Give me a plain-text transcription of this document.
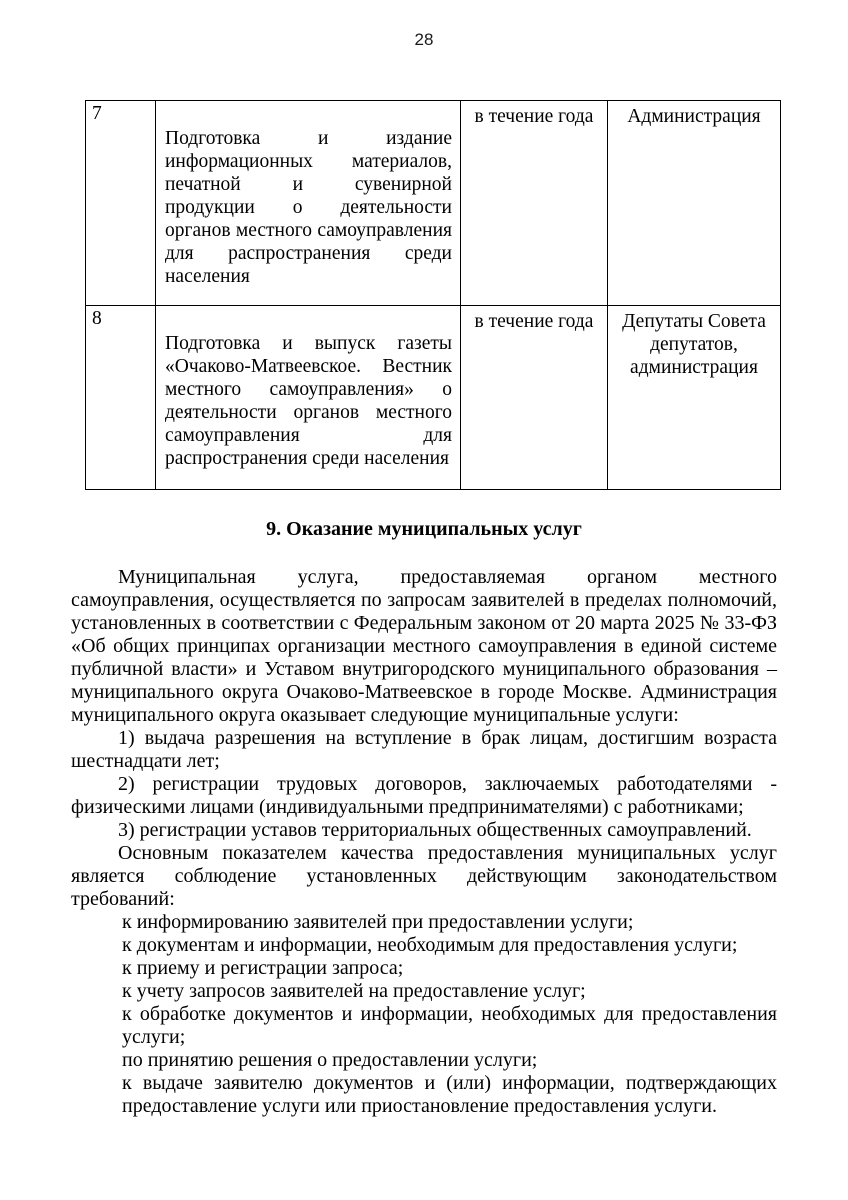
28
7	Подготовка и издание информационных материалов, печатной и сувенирной продукции о деятельности органов местного самоуправления для распространения среди населения	в течение года	Администрация
8	Подготовка и выпуск газеты «Очаково-Матвеевское. Вестник местного самоуправления» о деятельности органов местного самоуправления для распространения среди населения	в течение года	Депутаты Совета депутатов, администрация
9. Оказание муниципальных услуг

Муниципальная услуга, предоставляемая органом местного самоуправления, осуществляется по запросам заявителей в пределах полномочий, установленных в соответствии с Федеральным законом от 20 марта 2025 № 33-ФЗ «Об общих принципах организации местного самоуправления в единой системе публичной власти» и Уставом внутригородского муниципального образования – муниципального округа Очаково-Матвеевское в городе Москве. Администрация муниципального округа оказывает следующие муниципальные услуги:

1) выдача разрешения на вступление в брак лицам, достигшим возраста шестнадцати лет;

2) регистрации трудовых договоров, заключаемых работодателями - физическими лицами (индивидуальными предпринимателями) с работниками;

3) регистрации уставов территориальных общественных самоуправлений.

Основным показателем качества предоставления муниципальных услуг является соблюдение установленных действующим законодательством требований:

к информированию заявителей при предоставлении услуги;

к документам и информации, необходимым для предоставления услуги;

к приему и регистрации запроса;

к учету запросов заявителей на предоставление услуг;

к обработке документов и информации, необходимых для предоставления услуги;

по принятию решения о предоставлении услуги;

к выдаче заявителю документов и (или) информации, подтверждающих предоставление услуги или приостановление предоставления услуги.
